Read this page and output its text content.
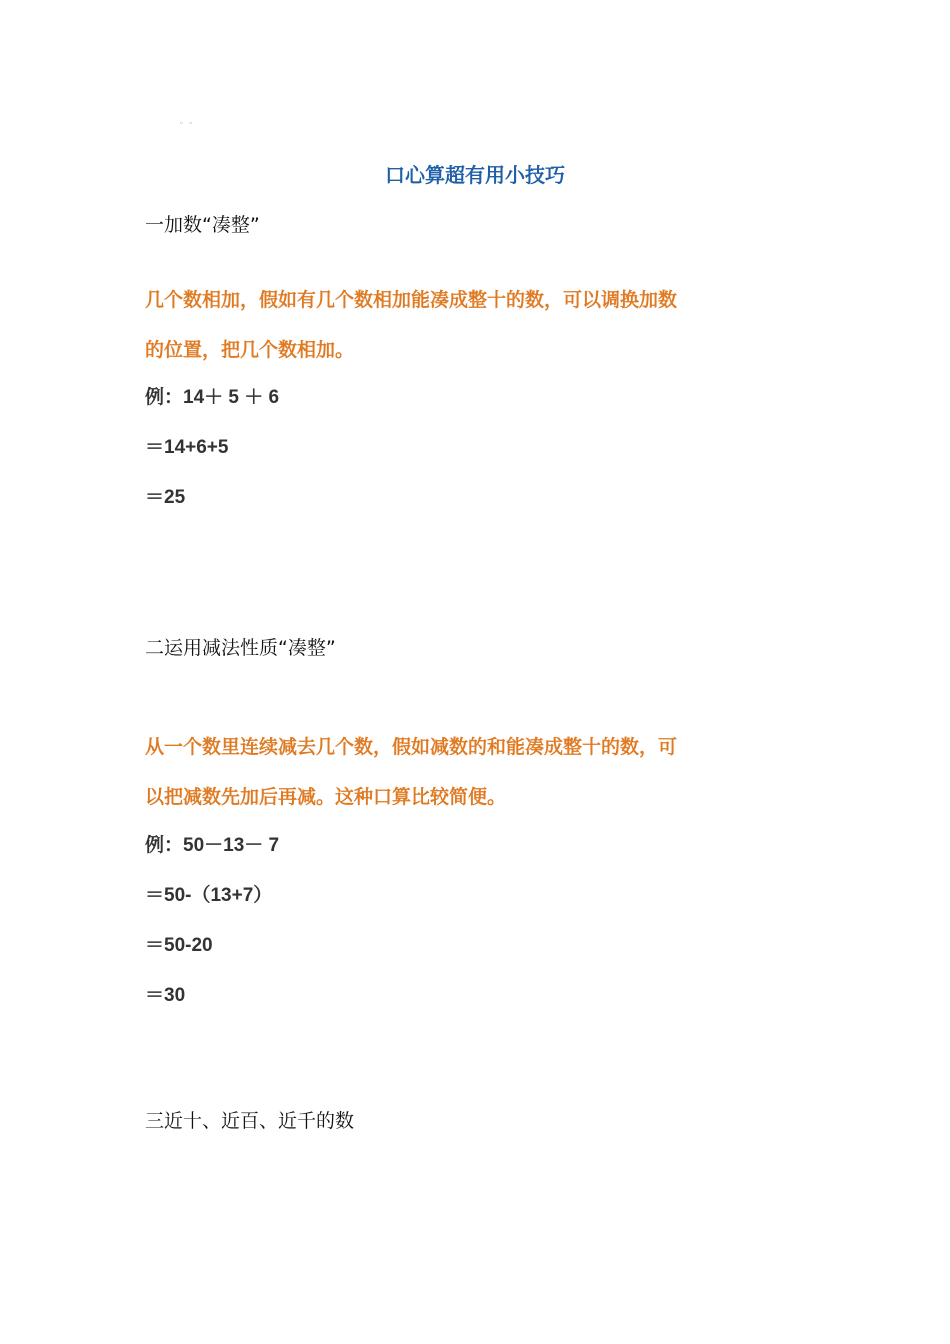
" "
口心算超有用小技巧
一加数“凑整”
几个数相加，假如有几个数相加能凑成整十的数，可以调换加数
的位置，把几个数相加。
例：14＋ 5 ＋ 6
＝14+6+5
＝25
二运用减法性质“凑整”
从一个数里连续减去几个数，假如减数的和能凑成整十的数，可
以把减数先加后再减。这种口算比较简便。
例：50－13－ 7
＝50-（13+7）
＝50-20
＝30
三近十、近百、近千的数
